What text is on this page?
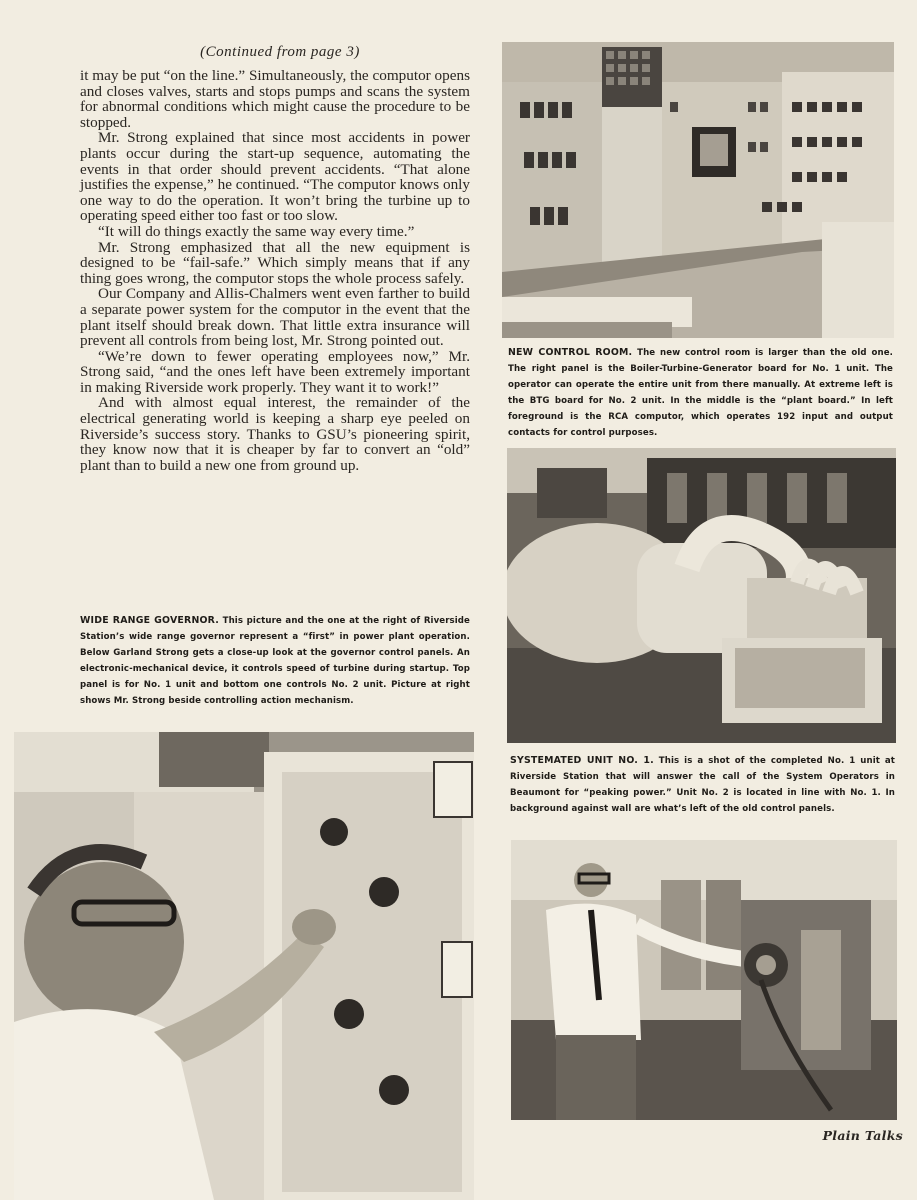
(Continued from page 3)

it may be put “on the line.” Simultaneously, the computor opens and closes valves, starts and stops pumps and scans the system for abnormal conditions which might cause the procedure to be stopped.

Mr. Strong explained that since most accidents in power plants occur during the start-up sequence, automating the events in that order should prevent accidents. “That alone justifies the expense,” he continued. “The computor knows only one way to do the operation. It won’t bring the turbine up to operating speed either too fast or too slow.

“It will do things exactly the same way every time.”

Mr. Strong emphasized that all the new equipment is designed to be “fail-safe.” Which simply means that if any thing goes wrong, the computor stops the whole process safely.

Our Company and Allis-Chalmers went even farther to build a separate power system for the computor in the event that the plant itself should break down. That little extra insurance will prevent all controls from being lost, Mr. Strong pointed out.

“We’re down to fewer operating employees now,” Mr. Strong said, “and the ones left have been extremely important in making Riverside work properly. They want it to work!”

And with almost equal interest, the remainder of the electrical generating world is keeping a sharp eye peeled on Riverside’s success story. Thanks to GSU’s pioneering spirit, they know now that it is cheaper by far to convert an “old” plant than to build a new one from ground up.

WIDE RANGE GOVERNOR. This picture and the one at the right of Riverside Station’s wide range governor represent a “first” in power plant operation. Below Garland Strong gets a close-up look at the governor control panels. An electronic-mechanical device, it controls speed of turbine during startup. Top panel is for No. 1 unit and bottom one controls No. 2 unit. Picture at right shows Mr. Strong beside controlling action mechanism.
NEW CONTROL ROOM. The new control room is larger than the old one. The right panel is the Boiler-Turbine-Generator board for No. 1 unit. The operator can operate the entire unit from there manually. At extreme left is the BTG board for No. 2 unit. In the middle is the “plant board.” In left foreground is the RCA computor, which operates 192 input and output contacts for control purposes.
SYSTEMATED UNIT NO. 1. This is a shot of the completed No. 1 unit at Riverside Station that will answer the call of the System Operators in Beaumont for “peaking power.” Unit No. 2 is located in line with No. 1. In background against wall are what’s left of the old control panels.
Plain Talks
